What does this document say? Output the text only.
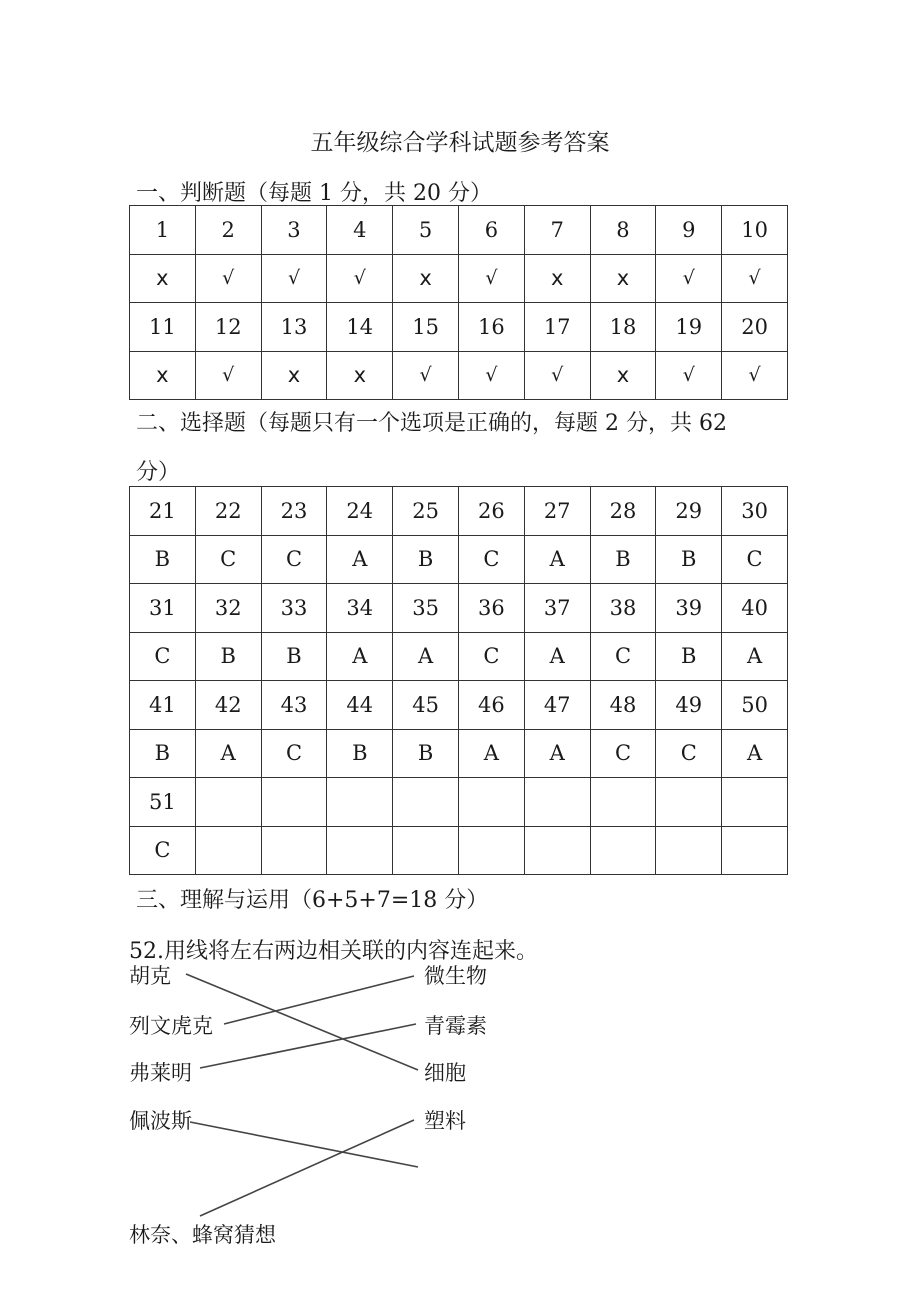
五年级综合学科试题参考答案
一、判断题（每题 1 分，共 20 分）
1	2	3	4	5	6	7	8	9	10
x	√	√	√	x	√	x	x	√	√
11	12	13	14	15	16	17	18	19	20
x	√	x	x	√	√	√	x	√	√
二、选择题（每题只有一个选项是正确的，每题 2 分，共 62
分）
21	22	23	24	25	26	27	28	29	30
B	C	C	A	B	C	A	B	B	C
31	32	33	34	35	36	37	38	39	40
C	B	B	A	A	C	A	C	B	A
41	42	43	44	45	46	47	48	49	50
B	A	C	B	B	A	A	C	C	A
51									
C									
三、理解与运用（6+5+7=18 分）
52.用线将左右两边相关联的内容连起来。
胡克
列文虎克
弗莱明
佩波斯
林奈、蜂窝猜想
微生物
青霉素
细胞
塑料
